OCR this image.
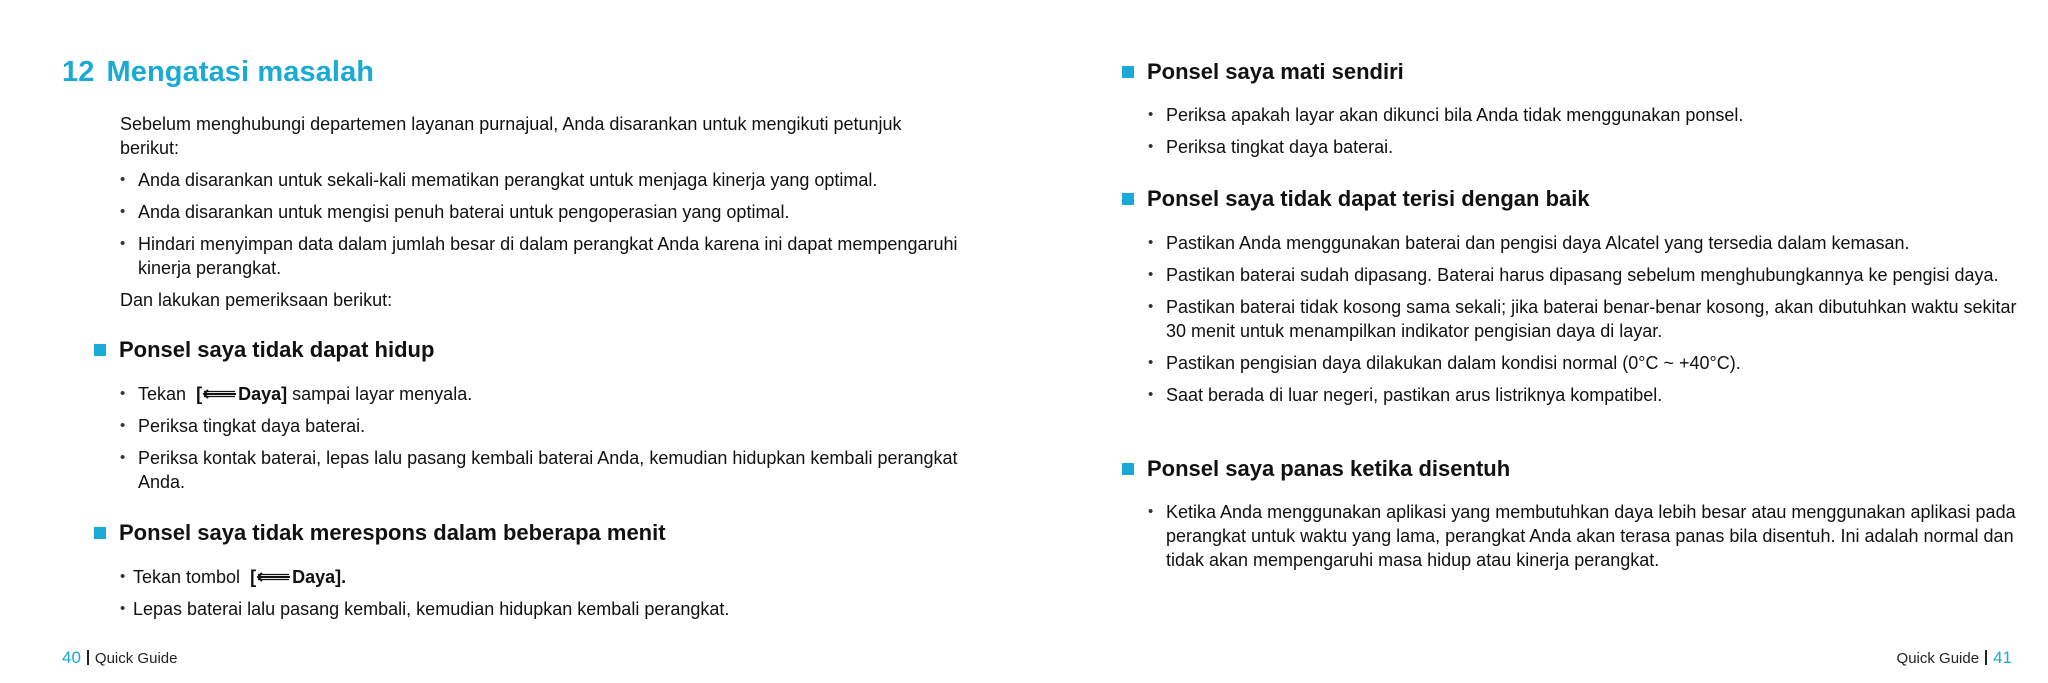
12 Mengatasi masalah

Sebelum menghubungi departemen layanan purnajual, Anda disarankan untuk mengikuti petunjuk berikut:

• Anda disarankan untuk sekali-kali mematikan perangkat untuk menjaga kinerja yang optimal.
• Anda disarankan untuk mengisi penuh baterai untuk pengoperasian yang optimal.
• Hindari menyimpan data dalam jumlah besar di dalam perangkat Anda karena ini dapat mempengaruhi kinerja perangkat.

Dan lakukan pemeriksaan berikut:

Ponsel saya tidak dapat hidup
• Tekan [ Daya] sampai layar menyala.
• Periksa tingkat daya baterai.
• Periksa kontak baterai, lepas lalu pasang kembali baterai Anda, kemudian hidupkan kembali perangkat Anda.
Ponsel saya tidak merespons dalam beberapa menit
• Tekan tombol [ Daya].
• Lepas baterai lalu pasang kembali, kemudian hidupkan kembali perangkat.
40 Quick Guide
Ponsel saya mati sendiri
• Periksa apakah layar akan dikunci bila Anda tidak menggunakan ponsel.
• Periksa tingkat daya baterai.
Ponsel saya tidak dapat terisi dengan baik
• Pastikan Anda menggunakan baterai dan pengisi daya Alcatel yang tersedia dalam kemasan.
• Pastikan baterai sudah dipasang. Baterai harus dipasang sebelum menghubungkannya ke pengisi daya.
• Pastikan baterai tidak kosong sama sekali; jika baterai benar-benar kosong, akan dibutuhkan waktu sekitar 30 menit untuk menampilkan indikator pengisian daya di layar.
• Pastikan pengisian daya dilakukan dalam kondisi normal (0°C ~ +40°C).
• Saat berada di luar negeri, pastikan arus listriknya kompatibel.
Ponsel saya panas ketika disentuh
• Ketika Anda menggunakan aplikasi yang membutuhkan daya lebih besar atau menggunakan aplikasi pada perangkat untuk waktu yang lama, perangkat Anda akan terasa panas bila disentuh. Ini adalah normal dan tidak akan mempengaruhi masa hidup atau kinerja perangkat.
Quick Guide 41
